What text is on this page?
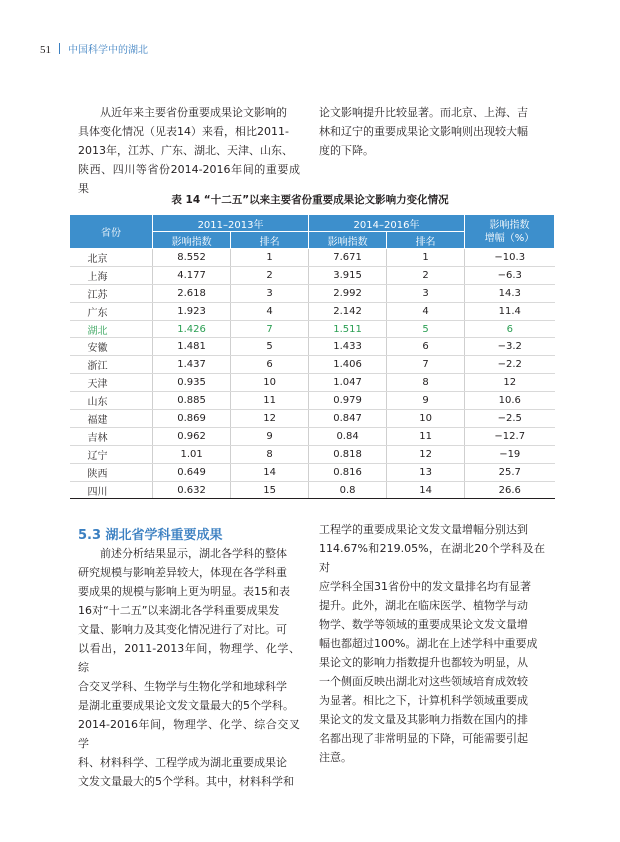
51 中国科学中的湖北

从近年来主要省份重要成果论文影响的

具体变化情况（见表14）来看，相比2011-

2013年，江苏、广东、湖北、天津、山东、

陕西、四川等省份2014-2016年间的重要成果

论文影响提升比较显著。而北京、上海、吉

林和辽宁的重要成果论文影响则出现较大幅

度的下降。

表 14 “十二五”以来主要省份重要成果论文影响力变化情况
省份	2011–2013年		2014–2016年		影响指数
增幅（%）
	影响指数	排名	影响指数	排名	
北京	8.552	1	7.671	1	−10.3
上海	4.177	2	3.915	2	−6.3
江苏	2.618	3	2.992	3	14.3
广东	1.923	4	2.142	4	11.4
湖北	1.426	7	1.511	5	6
安徽	1.481	5	1.433	6	−3.2
浙江	1.437	6	1.406	7	−2.2
天津	0.935	10	1.047	8	12
山东	0.885	11	0.979	9	10.6
福建	0.869	12	0.847	10	−2.5
吉林	0.962	9	0.84	11	−12.7
辽宁	1.01	8	0.818	12	−19
陕西	0.649	14	0.816	13	25.7
四川	0.632	15	0.8	14	26.6
5.3 湖北省学科重要成果

前述分析结果显示，湖北各学科的整体

研究规模与影响差异较大，体现在各学科重

要成果的规模与影响上更为明显。表15和表

16对“十二五”以来湖北各学科重要成果发

文量、影响力及其变化情况进行了对比。可

以看出，2011-2013年间，物理学、化学、综

合交叉学科、生物学与生物化学和地球科学

是湖北重要成果论文发文量最大的5个学科。

2014-2016年间，物理学、化学、综合交叉学

科、材料科学、工程学成为湖北重要成果论

文发文量最大的5个学科。其中，材料科学和

工程学的重要成果论文发文量增幅分别达到

114.67%和219.05%，在湖北20个学科及在对

应学科全国31省份中的发文量排名均有显著

提升。此外，湖北在临床医学、植物学与动

物学、数学等领域的重要成果论文发文量增

幅也都超过100%。湖北在上述学科中重要成

果论文的影响力指数提升也都较为明显，从

一个侧面反映出湖北对这些领域培育成效较

为显著。相比之下，计算机科学领域重要成

果论文的发文量及其影响力指数在国内的排

名都出现了非常明显的下降，可能需要引起

注意。
